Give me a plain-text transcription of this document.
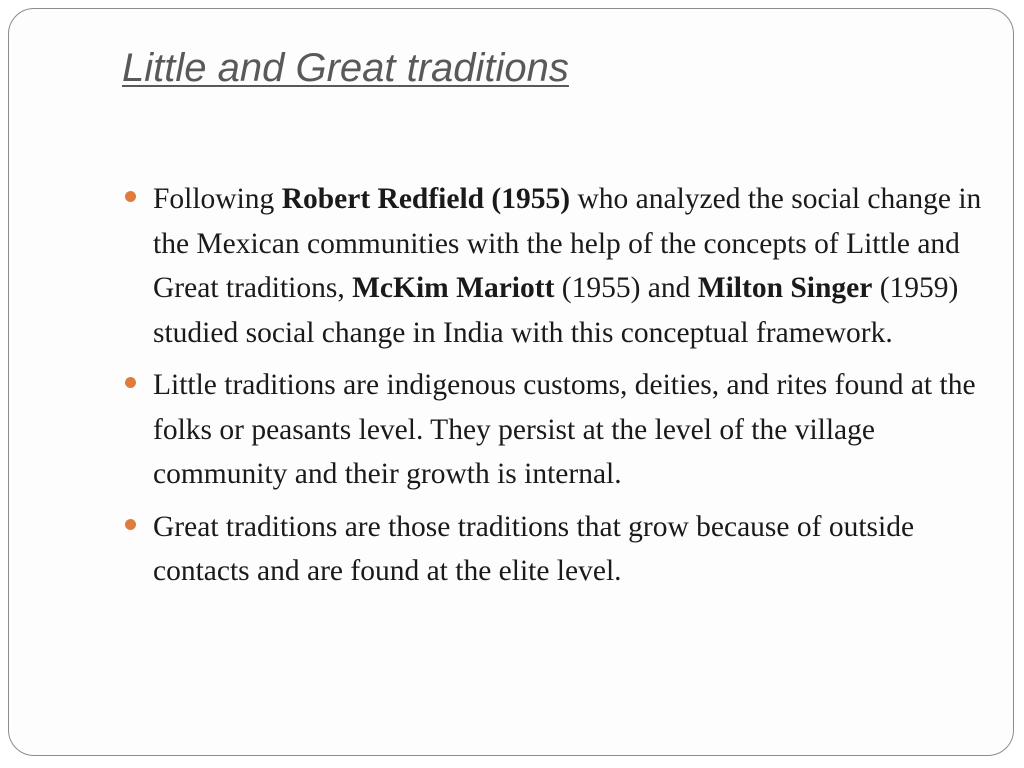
Little and Great traditions
Following Robert Redfield (1955) who analyzed the social change in the Mexican communities with the help of the concepts of Little and Great traditions, McKim Mariott (1955) and Milton Singer (1959) studied social change in India with this conceptual framework.
Little traditions are indigenous customs, deities, and rites found at the folks or peasants level. They persist at the level of the village community and their growth is internal.
Great traditions are those traditions that grow because of outside contacts and are found at the elite level.
